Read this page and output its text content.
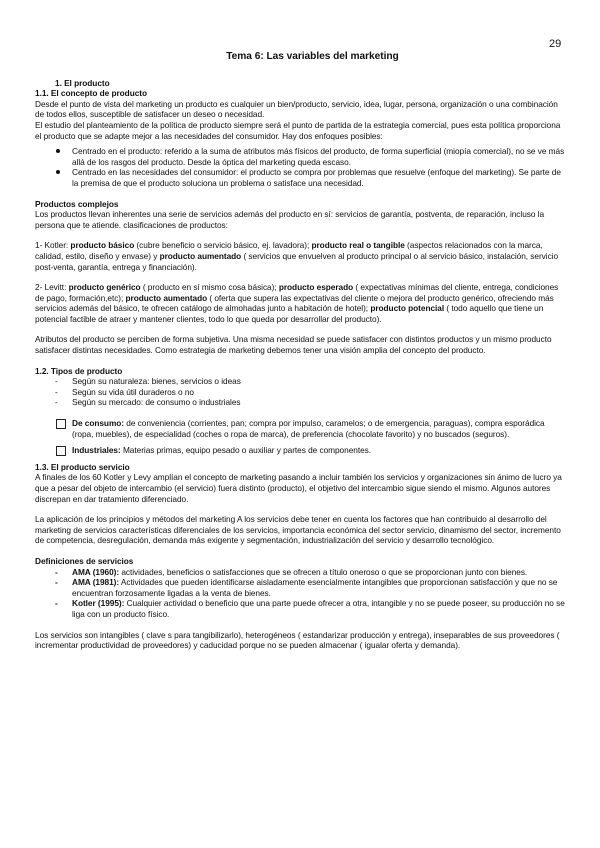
29
Tema 6: Las variables del marketing
1. El producto
1.1. El concepto de producto

Desde el punto de vista del marketing un producto es cualquier un bien/producto, servicio, idea, lugar, persona, organización o una combinación de todos ellos, susceptible de satisfacer un deseo o necesidad.

El estudio del planteamiento de la política de producto siempre será el punto de partida de la estrategia comercial, pues esta política proporciona el producto que se adapte mejor a las necesidades del consumidor. Hay dos enfoques posibles:

Centrado en el producto: referido a la suma de atributos más físicos del producto, de forma superficial (miopía comercial), no se ve más allá de los rasgos del producto. Desde la óptica del marketing queda escaso.
Centrado en las necesidades del consumidor: el producto se compra por problemas que resuelve (enfoque del marketing). Se parte de la premisa de que el producto soluciona un problema o satisface una necesidad.
Productos complejos

Los productos llevan inherentes una serie de servicios además del producto en sí: servicios de garantía, postventa, de reparación, incluso la persona que te atiende. clasificaciones de productos:

1- Kotler: producto básico (cubre beneficio o servicio básico, ej. lavadora); producto real o tangible (aspectos relacionados con la marca, calidad, estilo, diseño y envase) y producto aumentado ( servicios que envuelven al producto principal o al servicio básico, instalación, servicio post-venta, garantía, entrega y financiación).

2- Levitt: producto genérico ( producto en sí mismo cosa básica); producto esperado ( expectativas mínimas del cliente, entrega, condiciones de pago, formación,etc); producto aumentado ( oferta que supera las expectativas del cliente o mejora del producto genérico, ofreciendo más servicios además del básico, te ofrecen catálogo de almohadas junto a habitación de hotel); producto potencial ( todo aquello que tiene un potencial factible de atraer y mantener clientes, todo lo que queda por desarrollar del producto).

Atributos del producto se perciben de forma subjetiva. Una misma necesidad se puede satisfacer con distintos productos y un mismo producto satisfacer distintas necesidades. Como estrategia de marketing debemos tener una visión amplia del concepto del producto.

1.2. Tipos de producto
- Según su naturaleza: bienes, servicios o ideas
- Según su vida útil duraderos o no
- Según su mercado: de consumo o industriales
De consumo: de conveniencia (corrientes, pan; compra por impulso, caramelos; o de emergencia, paraguas), compra esporádica (ropa, muebles), de especialidad (coches o ropa de marca), de preferencia (chocolate favorito) y no buscados (seguros).
Industriales: Materias primas, equipo pesado o auxiliar y partes de componentes.
1.3. El producto servicio

A finales de los 60 Kotler y Levy amplían el concepto de marketing pasando a incluir también los servicios y organizaciones sin ánimo de lucro ya que a pesar del objeto de intercambio (el servicio) fuera distinto (producto), el objetivo del intercambio sigue siendo el mismo. Algunos autores discrepan en dar tratamiento diferenciado.

La aplicación de los principios y métodos del marketing A los servicios debe tener en cuenta los factores que han contribuido al desarrollo del marketing de servicios características diferenciales de los servicios, importancia económica del sector servicio, dinamismo del sector, incremento de competencia, desregulación, demanda más exigente y segmentación, industrialización del servicio y desarrollo tecnológico.

Definiciones de servicios
- AMA (1960): actividades, beneficios o satisfacciones que se ofrecen a título oneroso o que se proporcionan junto con bienes.
- AMA (1981): Actividades que pueden identificarse aisladamente esencialmente intangibles que proporcionan satisfacción y que no se encuentran forzosamente ligadas a la venta de bienes.
- Kotler (1995): Cualquier actividad o beneficio que una parte puede ofrecer a otra, intangible y no se puede poseer, su producción no se liga con un producto físico.

Los servicios son intangibles ( clave s para tangibilizarlo), heterogéneos ( estandarizar producción y entrega), inseparables de sus proveedores ( incrementar productividad de proveedores) y caducidad porque no se pueden almacenar ( igualar oferta y demanda).
